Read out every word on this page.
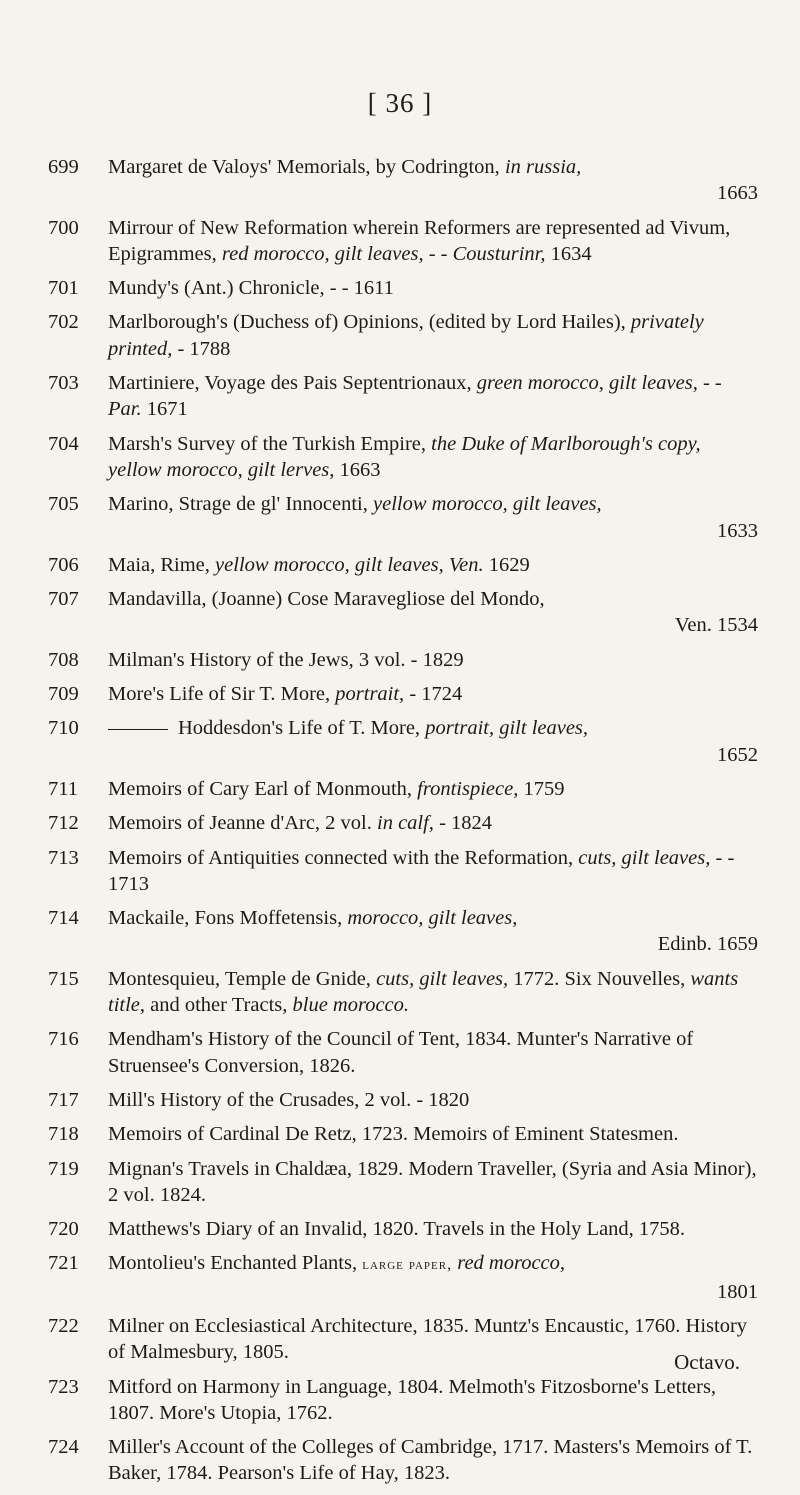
[ 36 ]
699	Margaret de Valoys' Memorials, by Codrington, in russia,
1663
700	Mirrour of New Reformation wherein Reformers are represented ad Vivum, Epigrammes, red morocco, gilt leaves, - - Cousturinr, 1634
701	Mundy's (Ant.) Chronicle, - - 1611
702	Marlborough's (Duchess of) Opinions, (edited by Lord Hailes), privately printed, - 1788
703	Martiniere, Voyage des Pais Septentrionaux, green morocco, gilt leaves, - - Par. 1671
704	Marsh's Survey of the Turkish Empire, the Duke of Marlborough's copy, yellow morocco, gilt lerves, 1663
705	Marino, Strage de gl' Innocenti, yellow morocco, gilt leaves,
1633
706	Maia, Rime, yellow morocco, gilt leaves, Ven. 1629
707	Mandavilla, (Joanne) Cose Maravegliose del Mondo,
Ven. 1534
708	Milman's History of the Jews, 3 vol. - 1829
709	More's Life of Sir T. More, portrait, - 1724
710	Hoddesdon's Life of T. More, portrait, gilt leaves,
1652
711	Memoirs of Cary Earl of Monmouth, frontispiece, 1759
712	Memoirs of Jeanne d'Arc, 2 vol. in calf, - 1824
713	Memoirs of Antiquities connected with the Reformation, cuts, gilt leaves, - - 1713
714	Mackaile, Fons Moffetensis, morocco, gilt leaves,
Edinb. 1659
715	Montesquieu, Temple de Gnide, cuts, gilt leaves, 1772. Six Nouvelles, wants title, and other Tracts, blue morocco.
716	Mendham's History of the Council of Tent, 1834. Munter's Narrative of Struensee's Conversion, 1826.
717	Mill's History of the Crusades, 2 vol. - 1820
718	Memoirs of Cardinal De Retz, 1723. Memoirs of Eminent Statesmen.
719	Mignan's Travels in Chaldæa, 1829. Modern Traveller, (Syria and Asia Minor), 2 vol. 1824.
720	Matthews's Diary of an Invalid, 1820. Travels in the Holy Land, 1758.
721	Montolieu's Enchanted Plants, large paper, red morocco,
1801
722	Milner on Ecclesiastical Architecture, 1835. Muntz's Encaustic, 1760. History of Malmesbury, 1805.
723	Mitford on Harmony in Language, 1804. Melmoth's Fitzosborne's Letters, 1807. More's Utopia, 1762.
724	Miller's Account of the Colleges of Cambridge, 1717. Masters's Memoirs of T. Baker, 1784. Pearson's Life of Hay, 1823.
Octavo.
